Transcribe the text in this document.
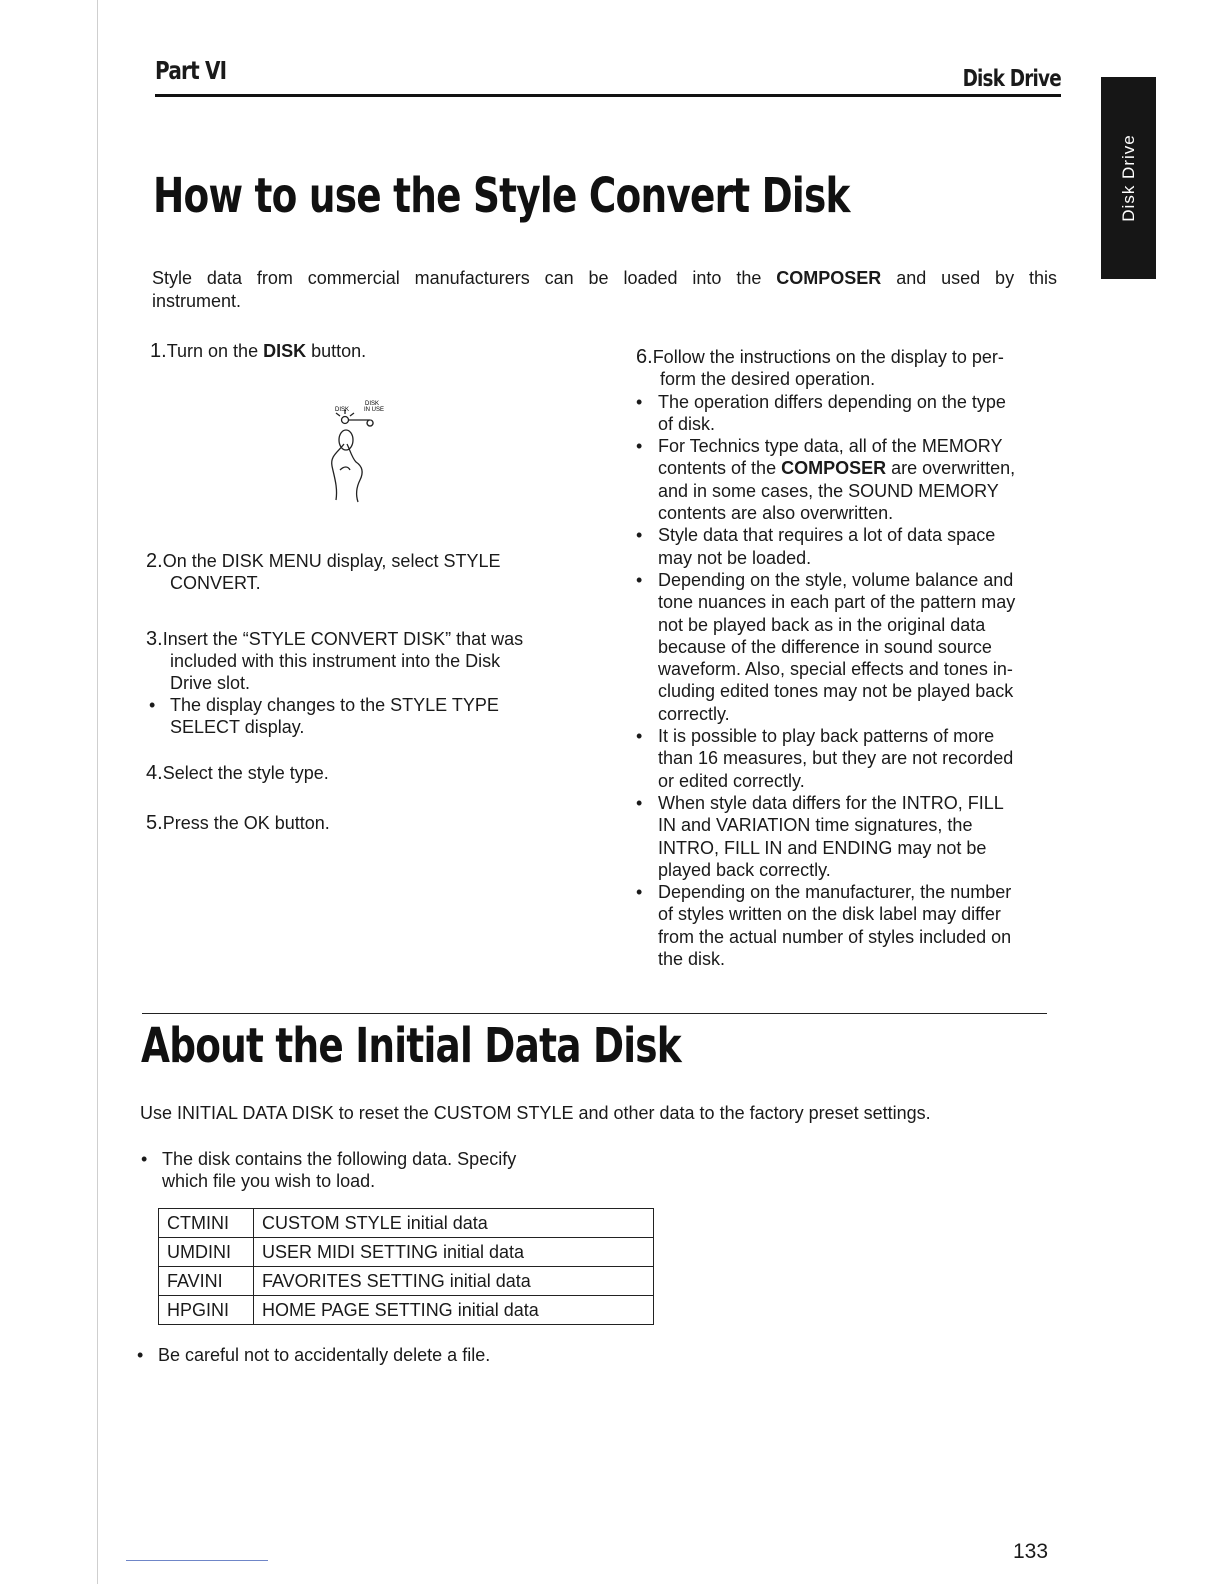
Part VI	Disk Drive
Disk Drive
How to use the Style Convert Disk
Style data from commercial manufacturers can be loaded into the COMPOSER and used by this
instrument.
1.Turn on the DISK button.
DISK
DISK IN USE
2.On the DISK MENU display, select STYLE
CONVERT.
3.Insert the “STYLE CONVERT DISK” that was
included with this instrument into the Disk
Drive slot.
• The display changes to the STYLE TYPE
SELECT display.
4.Select the style type.
5.Press the OK button.
6.Follow the instructions on the display to per-
form the desired operation.
• The operation differs depending on the type
of disk.
• For Technics type data, all of the MEMORY
contents of the COMPOSER are overwritten,
and in some cases, the SOUND MEMORY
contents are also overwritten.
• Style data that requires a lot of data space
may not be loaded.
• Depending on the style, volume balance and
tone nuances in each part of the pattern may
not be played back as in the original data
because of the difference in sound source
waveform. Also, special effects and tones in-
cluding edited tones may not be played back
correctly.
• It is possible to play back patterns of more
than 16 measures, but they are not recorded
or edited correctly.
• When style data differs for the INTRO, FILL
IN and VARIATION time signatures, the
INTRO, FILL IN and ENDING may not be
played back correctly.
• Depending on the manufacturer, the number
of styles written on the disk label may differ
from the actual number of styles included on
the disk.
About the Initial Data Disk
Use INITIAL DATA DISK to reset the CUSTOM STYLE and other data to the factory preset settings.
• The disk contains the following data. Specify
which file you wish to load.
CTMINI	CUSTOM STYLE initial data
UMDINI	USER MIDI SETTING initial data
FAVINI	FAVORITES SETTING initial data
HPGINI	HOME PAGE SETTING initial data
• Be careful not to accidentally delete a file.
133
